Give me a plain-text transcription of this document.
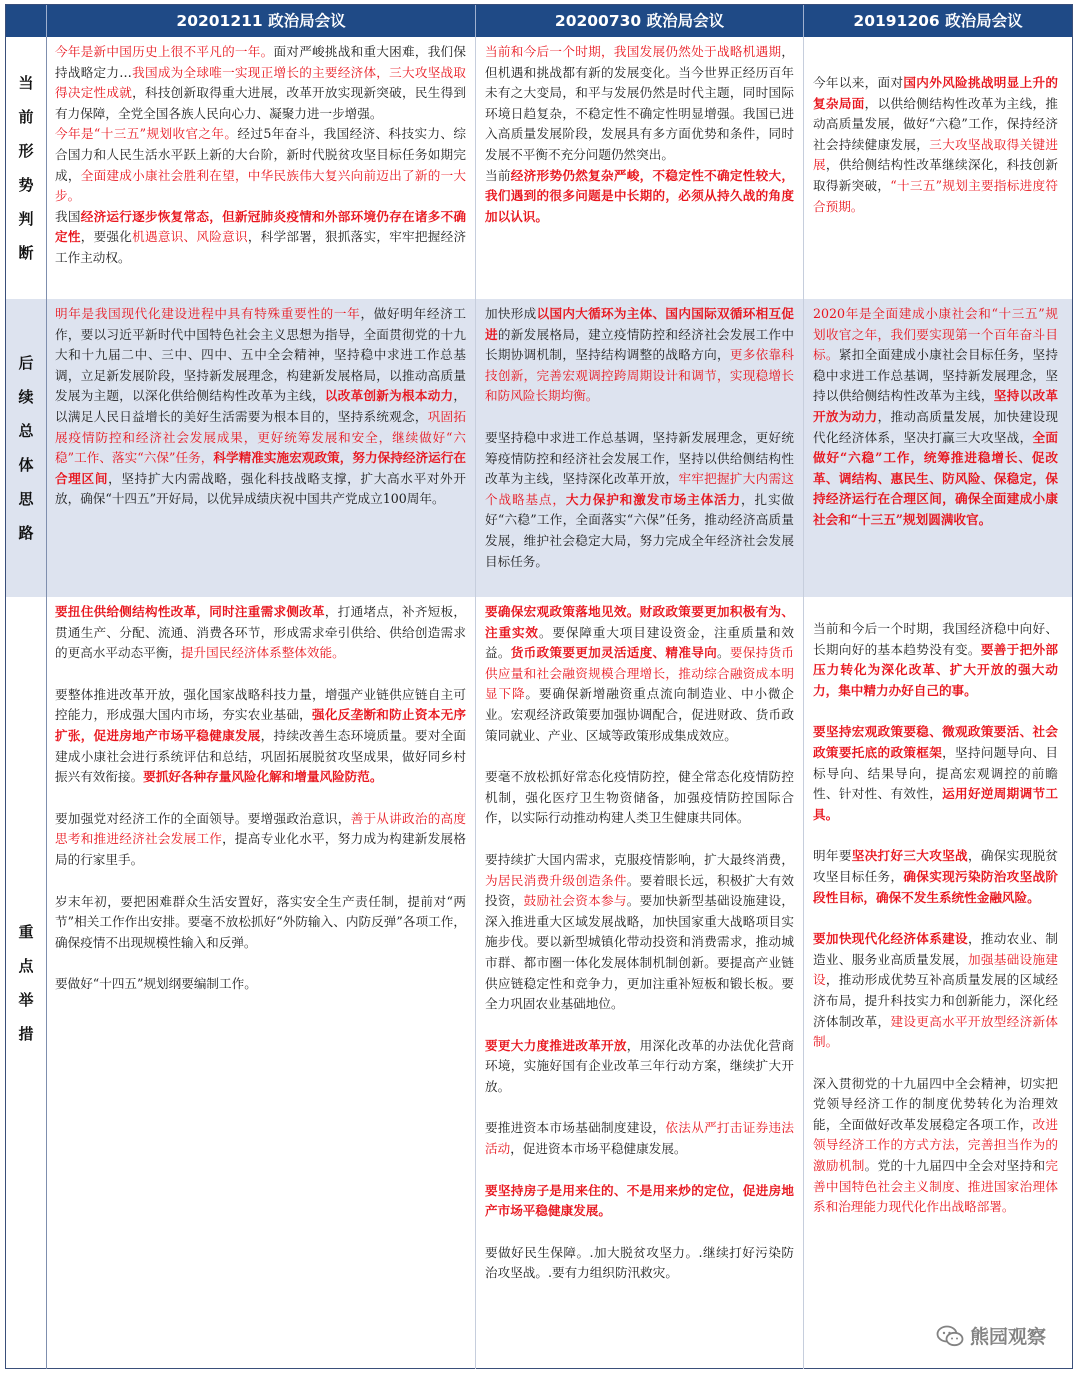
20201211 政治局会议	20200730 政治局会议	20191206 政治局会议
当
前
形
势
判
断

今年是新中国历史上很不平凡的一年。面对严峻挑战和重大困难，我们保持战略定力…我国成为全球唯一实现正增长的主要经济体，三大攻坚战取得决定性成就，科技创新取得重大进展，改革开放实现新突破，民生得到有力保障，全党全国各族人民向心力、凝聚力进一步增强。

今年是“十三五”规划收官之年。经过5年奋斗，我国经济、科技实力、综合国力和人民生活水平跃上新的大台阶，新时代脱贫攻坚目标任务如期完成，全面建成小康社会胜利在望，中华民族伟大复兴向前迈出了新的一大步。

我国经济运行逐步恢复常态，但新冠肺炎疫情和外部环境仍存在诸多不确定性，要强化机遇意识、风险意识，科学部署，狠抓落实，牢牢把握经济工作主动权。

当前和今后一个时期，我国发展仍然处于战略机遇期，但机遇和挑战都有新的发展变化。当今世界正经历百年未有之大变局，和平与发展仍然是时代主题，同时国际环境日趋复杂，不稳定性不确定性明显增强。我国已进入高质量发展阶段，发展具有多方面优势和条件，同时发展不平衡不充分问题仍然突出。

当前经济形势仍然复杂严峻，不稳定性不确定性较大，我们遇到的很多问题是中长期的，必须从持久战的角度加以认识。

今年以来，面对国内外风险挑战明显上升的复杂局面，以供给侧结构性改革为主线，推动高质量发展，做好“六稳”工作，保持经济社会持续健康发展，三大攻坚战取得关键进展，供给侧结构性改革继续深化，科技创新取得新突破，“十三五”规划主要指标进度符合预期。

后
续
总
体
思
路

明年是我国现代化建设进程中具有特殊重要性的一年，做好明年经济工作，要以习近平新时代中国特色社会主义思想为指导，全面贯彻党的十九大和十九届二中、三中、四中、五中全会精神，坚持稳中求进工作总基调，立足新发展阶段，坚持新发展理念，构建新发展格局，以推动高质量发展为主题，以深化供给侧结构性改革为主线，以改革创新为根本动力，以满足人民日益增长的美好生活需要为根本目的，坚持系统观念，巩固拓展疫情防控和经济社会发展成果，更好统筹发展和安全，继续做好“六稳”工作、落实“六保”任务，科学精准实施宏观政策，努力保持经济运行在合理区间，坚持扩大内需战略，强化科技战略支撑，扩大高水平对外开放，确保“十四五”开好局，以优异成绩庆祝中国共产党成立100周年。

加快形成以国内大循环为主体、国内国际双循环相互促进的新发展格局，建立疫情防控和经济社会发展工作中长期协调机制，坚持结构调整的战略方向，更多依靠科技创新，完善宏观调控跨周期设计和调节，实现稳增长和防风险长期均衡。

要坚持稳中求进工作总基调，坚持新发展理念，更好统筹疫情防控和经济社会发展工作，坚持以供给侧结构性改革为主线，坚持深化改革开放，牢牢把握扩大内需这个战略基点，大力保护和激发市场主体活力，扎实做好“六稳”工作，全面落实“六保”任务，推动经济高质量发展，维护社会稳定大局，努力完成全年经济社会发展目标任务。

2020年是全面建成小康社会和“十三五”规划收官之年，我们要实现第一个百年奋斗目标。紧扣全面建成小康社会目标任务，坚持稳中求进工作总基调，坚持新发展理念，坚持以供给侧结构性改革为主线，坚持以改革开放为动力，推动高质量发展，加快建设现代化经济体系，坚决打赢三大攻坚战，全面做好“六稳”工作，统筹推进稳增长、促改革、调结构、惠民生、防风险、保稳定，保持经济运行在合理区间，确保全面建成小康社会和“十三五”规划圆满收官。

重
点
举
措

要扭住供给侧结构性改革，同时注重需求侧改革，打通堵点，补齐短板，贯通生产、分配、流通、消费各环节，形成需求牵引供给、供给创造需求的更高水平动态平衡，提升国民经济体系整体效能。

要整体推进改革开放，强化国家战略科技力量，增强产业链供应链自主可控能力，形成强大国内市场，夯实农业基础，强化反垄断和防止资本无序扩张，促进房地产市场平稳健康发展，持续改善生态环境质量。要对全面建成小康社会进行系统评估和总结，巩固拓展脱贫攻坚成果，做好同乡村振兴有效衔接。要抓好各种存量风险化解和增量风险防范。

要加强党对经济工作的全面领导。要增强政治意识，善于从讲政治的高度思考和推进经济社会发展工作，提高专业化水平，努力成为构建新发展格局的行家里手。

岁末年初，要把困难群众生活安置好，落实安全生产责任制，提前对“两节”相关工作作出安排。要毫不放松抓好“外防输入、内防反弹”各项工作，确保疫情不出现规模性输入和反弹。

要做好“十四五”规划纲要编制工作。

要确保宏观政策落地见效。财政政策要更加积极有为、注重实效。要保障重大项目建设资金，注重质量和效益。货币政策要更加灵活适度、精准导向。要保持货币供应量和社会融资规模合理增长，推动综合融资成本明显下降。要确保新增融资重点流向制造业、中小微企业。宏观经济政策要加强协调配合，促进财政、货币政策同就业、产业、区域等政策形成集成效应。

要毫不放松抓好常态化疫情防控，健全常态化疫情防控机制，强化医疗卫生物资储备，加强疫情防控国际合作，以实际行动推动构建人类卫生健康共同体。

要持续扩大国内需求，克服疫情影响，扩大最终消费，为居民消费升级创造条件。要着眼长远，积极扩大有效投资，鼓励社会资本参与。要加快新型基础设施建设，深入推进重大区域发展战略，加快国家重大战略项目实施步伐。要以新型城镇化带动投资和消费需求，推动城市群、都市圈一体化发展体制机制创新。要提高产业链供应链稳定性和竞争力，更加注重补短板和锻长板。要全力巩固农业基础地位。

要更大力度推进改革开放，用深化改革的办法优化营商环境，实施好国有企业改革三年行动方案，继续扩大开放。

要推进资本市场基础制度建设，依法从严打击证券违法活动，促进资本市场平稳健康发展。

要坚持房子是用来住的、不是用来炒的定位，促进房地产市场平稳健康发展。

要做好民生保障。.加大脱贫攻坚力。.继续打好污染防治攻坚战。.要有力组织防汛救灾。

当前和今后一个时期，我国经济稳中向好、长期向好的基本趋势没有变。要善于把外部压力转化为深化改革、扩大开放的强大动力，集中精力办好自己的事。

要坚持宏观政策要稳、微观政策要活、社会政策要托底的政策框架，坚持问题导向、目标导向、结果导向，提高宏观调控的前瞻性、针对性、有效性，运用好逆周期调节工具。

明年要坚决打好三大攻坚战，确保实现脱贫攻坚目标任务，确保实现污染防治攻坚战阶段性目标，确保不发生系统性金融风险。

要加快现代化经济体系建设，推动农业、制造业、服务业高质量发展，加强基础设施建设，推动形成优势互补高质量发展的区域经济布局，提升科技实力和创新能力，深化经济体制改革，建设更高水平开放型经济新体制。

深入贯彻党的十九届四中全会精神，切实把党领导经济工作的制度优势转化为治理效能，全面做好改革发展稳定各项工作，改进领导经济工作的方式方法，完善担当作为的激励机制。党的十九届四中全会对坚持和完善中国特色社会主义制度、推进国家治理体系和治理能力现代化作出战略部署。

熊园观察
